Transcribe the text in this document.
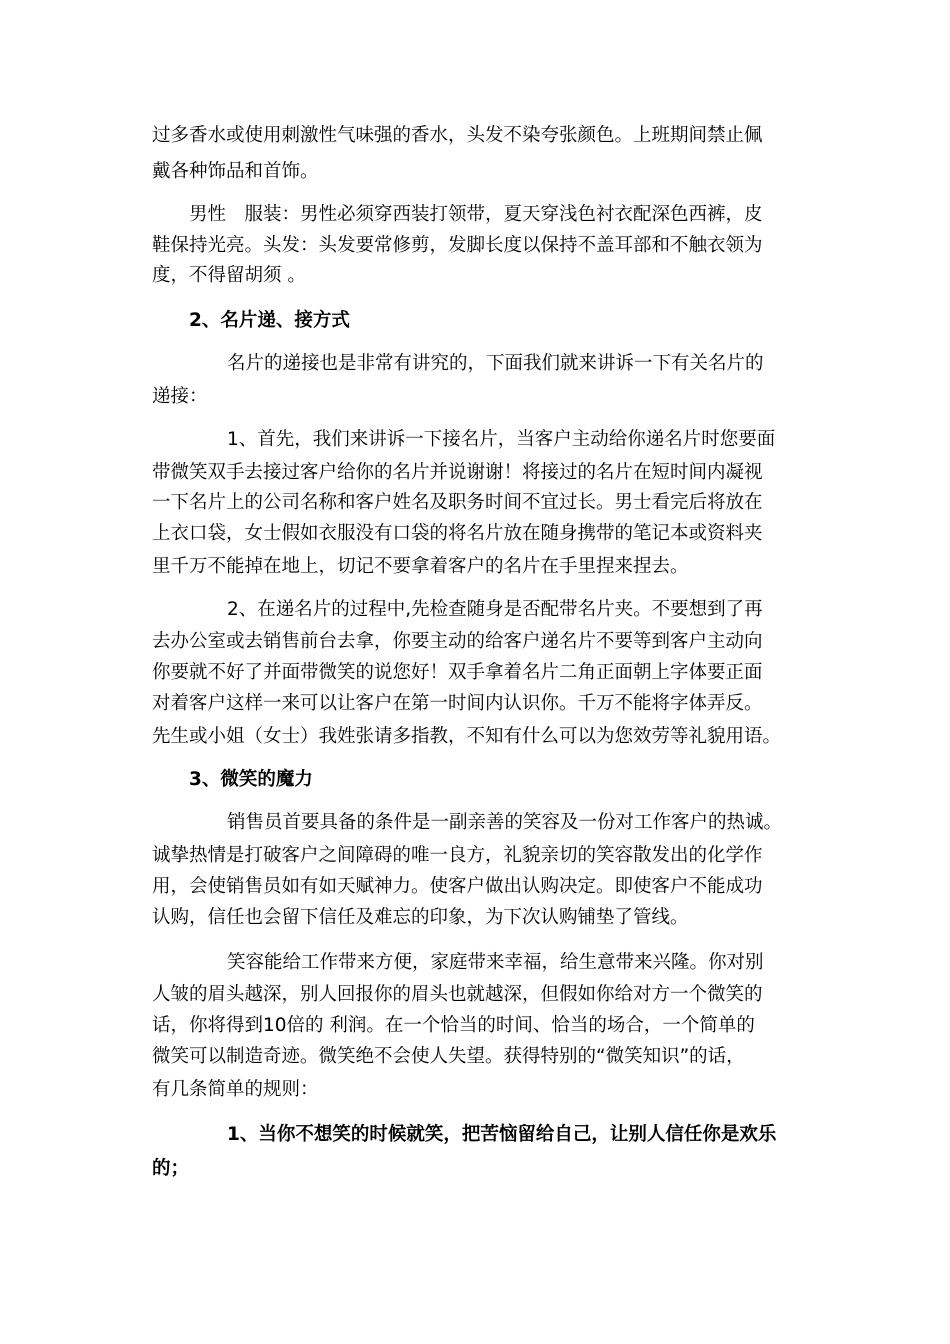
过多香水或使用刺激性气味强的香水，头发不染夸张颜色。上班期间禁止佩
戴各种饰品和首饰。
男性　服装：男性必须穿西装打领带，夏天穿浅色衬衣配深色西裤，皮
鞋保持光亮。头发：头发要常修剪，发脚长度以保持不盖耳部和不触衣领为
度，不得留胡须 。
2、名片递、接方式
名片的递接也是非常有讲究的，下面我们就来讲诉一下有关名片的
递接：
1、首先，我们来讲诉一下接名片，当客户主动给你递名片时您要面
带微笑双手去接过客户给你的名片并说谢谢！将接过的名片在短时间内凝视
一下名片上的公司名称和客户姓名及职务时间不宜过长。男士看完后将放在
上衣口袋，女士假如衣服没有口袋的将名片放在随身携带的笔记本或资料夹
里千万不能掉在地上，切记不要拿着客户的名片在手里捏来捏去。
2、在递名片的过程中,先检查随身是否配带名片夹。不要想到了再
去办公室或去销售前台去拿，你要主动的给客户递名片不要等到客户主动向
你要就不好了并面带微笑的说您好！双手拿着名片二角正面朝上字体要正面
对着客户这样一来可以让客户在第一时间内认识你。千万不能将字体弄反。
先生或小姐（女士）我姓张请多指教，不知有什么可以为您效劳等礼貌用语。
3、微笑的魔力
销售员首要具备的条件是一副亲善的笑容及一份对工作客户的热诚。
诚挚热情是打破客户之间障碍的唯一良方，礼貌亲切的笑容散发出的化学作
用，会使销售员如有如天赋神力。使客户做出认购决定。即使客户不能成功
认购，信任也会留下信任及难忘的印象，为下次认购铺垫了管线。
笑容能给工作带来方便，家庭带来幸福，给生意带来兴隆。你对别
人皱的眉头越深，别人回报你的眉头也就越深，但假如你给对方一个微笑的
话，你将得到10倍的 利润。在一个恰当的时间、恰当的场合，一个简单的
微笑可以制造奇迹。微笑绝不会使人失望。获得特别的“微笑知识”的话，
有几条简单的规则：
1、当你不想笑的时候就笑，把苦恼留给自己，让别人信任你是欢乐
的；
